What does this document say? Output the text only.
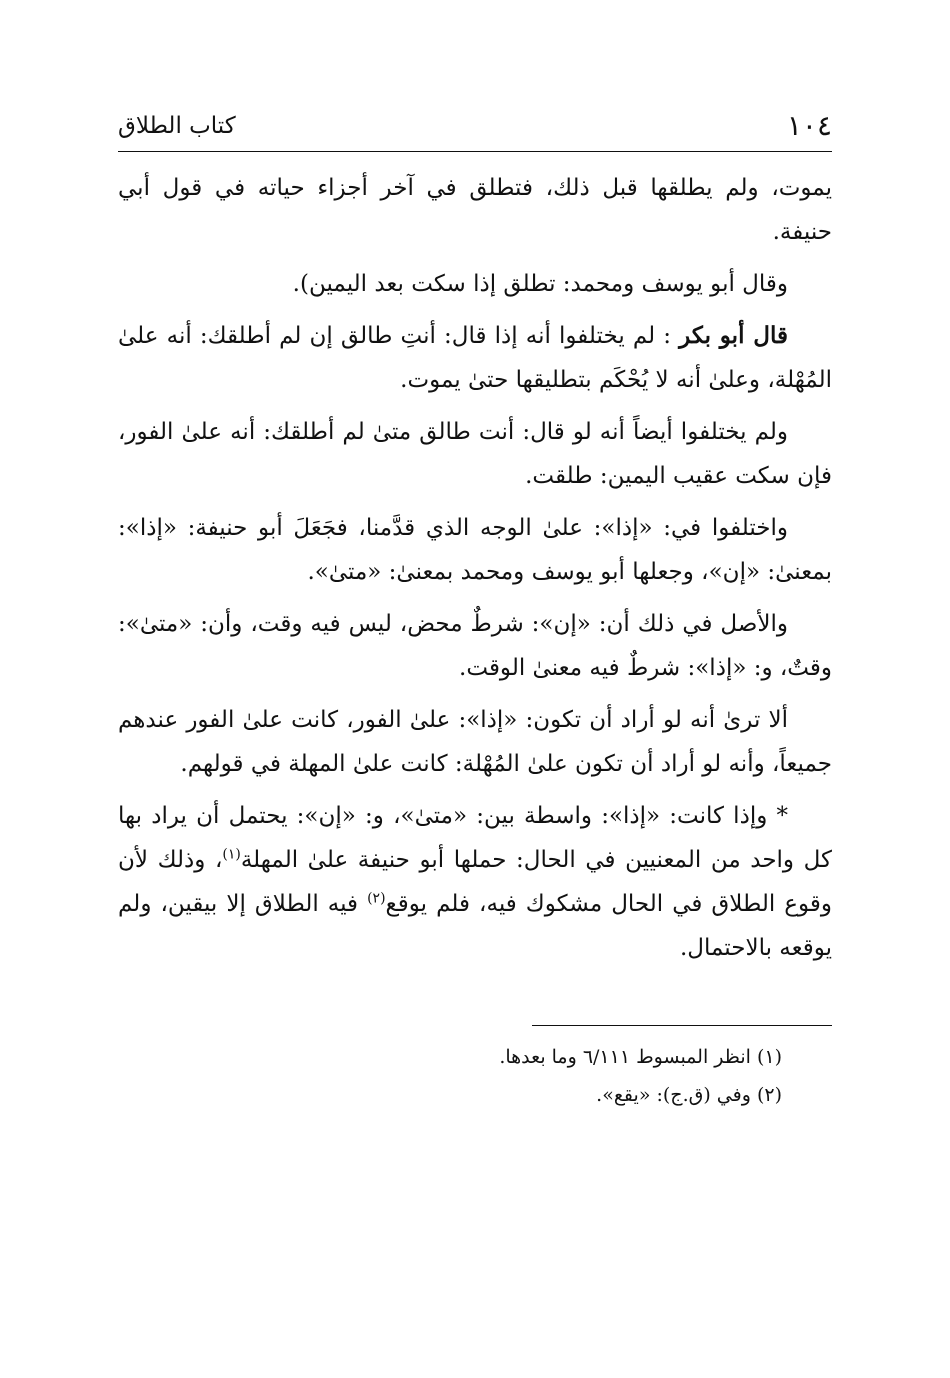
١٠٤
كتاب الطلاق

يموت، ولم يطلقها قبل ذلك، فتطلق في آخر أجزاء حياته في قول أبي حنيفة.

وقال أبو يوسف ومحمد: تطلق إذا سكت بعد اليمين).

قال أبو بكر : لم يختلفوا أنه إذا قال: أنتِ طالق إن لم أطلقك: أنه علىٰ المُهْلة، وعلىٰ أنه لا يُحْكَم بتطليقها حتىٰ يموت.

ولم يختلفوا أيضاً أنه لو قال: أنت طالق متىٰ لم أطلقك: أنه علىٰ الفور، فإن سكت عقيب اليمين: طلقت.

واختلفوا في: «إذا»: علىٰ الوجه الذي قدَّمنا، فجَعَلَ أبو حنيفة: «إذا»: بمعنىٰ: «إن»، وجعلها أبو يوسف ومحمد بمعنىٰ: «متىٰ».

والأصل في ذلك أن: «إن»: شرطٌ محض، ليس فيه وقت، وأن: «متىٰ»: وقتٌ، و: «إذا»: شرطٌ فيه معنىٰ الوقت.

ألا ترىٰ أنه لو أراد أن تكون: «إذا»: علىٰ الفور، كانت علىٰ الفور عندهم جميعاً، وأنه لو أراد أن تكون علىٰ المُهْلة: كانت علىٰ المهلة في قولهم.

* وإذا كانت: «إذا»: واسطة بين: «متىٰ»، و: «إن»: يحتمل أن يراد بها كل واحد من المعنيين في الحال: حملها أبو حنيفة علىٰ المهلة$^{(١)}$، وذلك لأن وقوع الطلاق في الحال مشكوك فيه، فلم يوقع$^{(٢)}$ فيه الطلاق إلا بيقين، ولم يوقعه بالاحتمال.

(١) انظر المبسوط ٦/١١١ وما بعدها.
(٢) وفي (ق.ج): «يقع».
